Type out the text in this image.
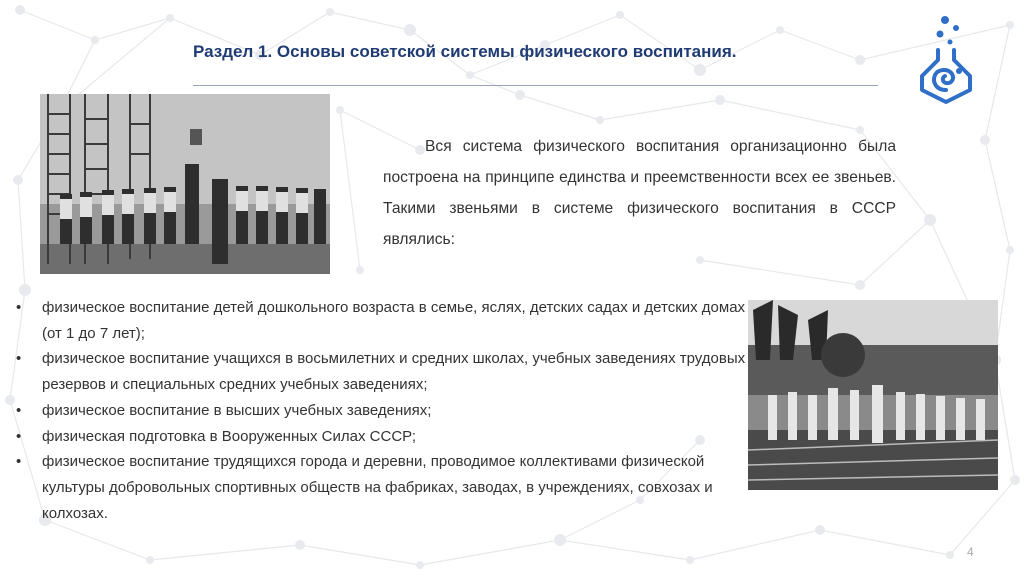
Раздел 1. Основы советской системы физического воспитания.

Вся система физического воспитания организационно была построена на принципе единства и преемственности всех ее звеньев. Такими звеньями в системе физического воспитания в СССР являлись:

• физическое воспитание детей дошкольного возраста в семье, яслях, детских садах и детских домах (от 1 до 7 лет);
• физическое воспитание учащихся в восьмилетних и средних школах, учебных заведениях трудовых резервов и специальных средних учебных заведениях;
• физическое воспитание в высших учебных заведениях;
• физическая подготовка в Вооруженных Силах СССР;
• физическое воспитание трудящихся города и деревни, проводимое коллективами физической культуры добровольных спортивных обществ на фабриках, заводах, в учреждениях, совхозах и колхозах.
4
